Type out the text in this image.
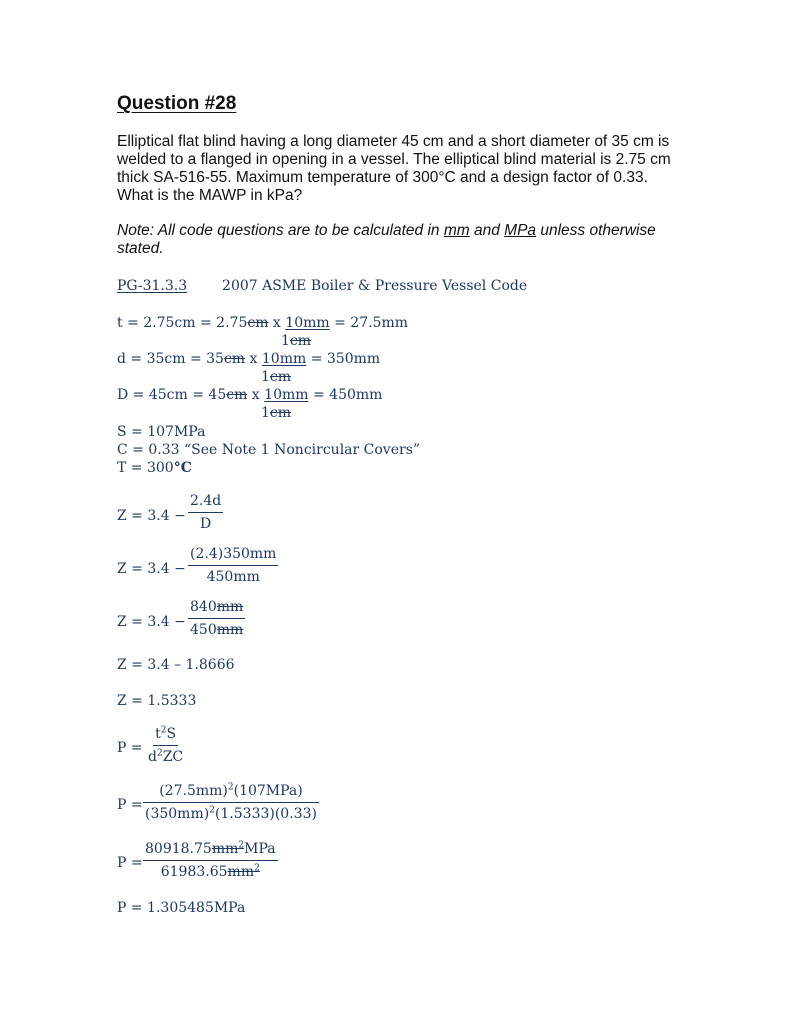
Question #28

Elliptical flat blind having a long diameter 45 cm and a short diameter of 35 cm is welded to a flanged in opening in a vessel. The elliptical blind material is 2.75 cm thick SA-516-55. Maximum temperature of 300°C and a design factor of 0.33. What is the MAWP in kPa?

Note: All code questions are to be calculated in mm and MPa unless otherwise stated.

PG-31.3.3 2007 ASME Boiler & Pressure Vessel Code
t = 2.75cm = 2.75cm x 10mm = 27.5mm
1cm
d = 35cm = 35cm x 10mm = 350mm
1cm
D = 45cm = 45cm x 10mm = 450mm
1cm
S = 107MPa
C = 0.33 “See Note 1 Noncircular Covers”
T = 300°C
$Z = 3.4 - \frac{2.4d}{D}$
$Z = 3.4 - \frac{(2.4)350mm}{450mm}$
$Z = 3.4 - \frac{840mm}{450mm}$
Z = 3.4 – 1.8666
Z = 1.5333
$P = \frac{t^2S}{d^2ZC}$
P =
$(27.5mm)^2(107MPa)$
$(350mm)^2(1.5333)(0.33)$
P =
$80918.75mm^2MPa$
$61983.65mm^2$
P = 1.305485MPa
